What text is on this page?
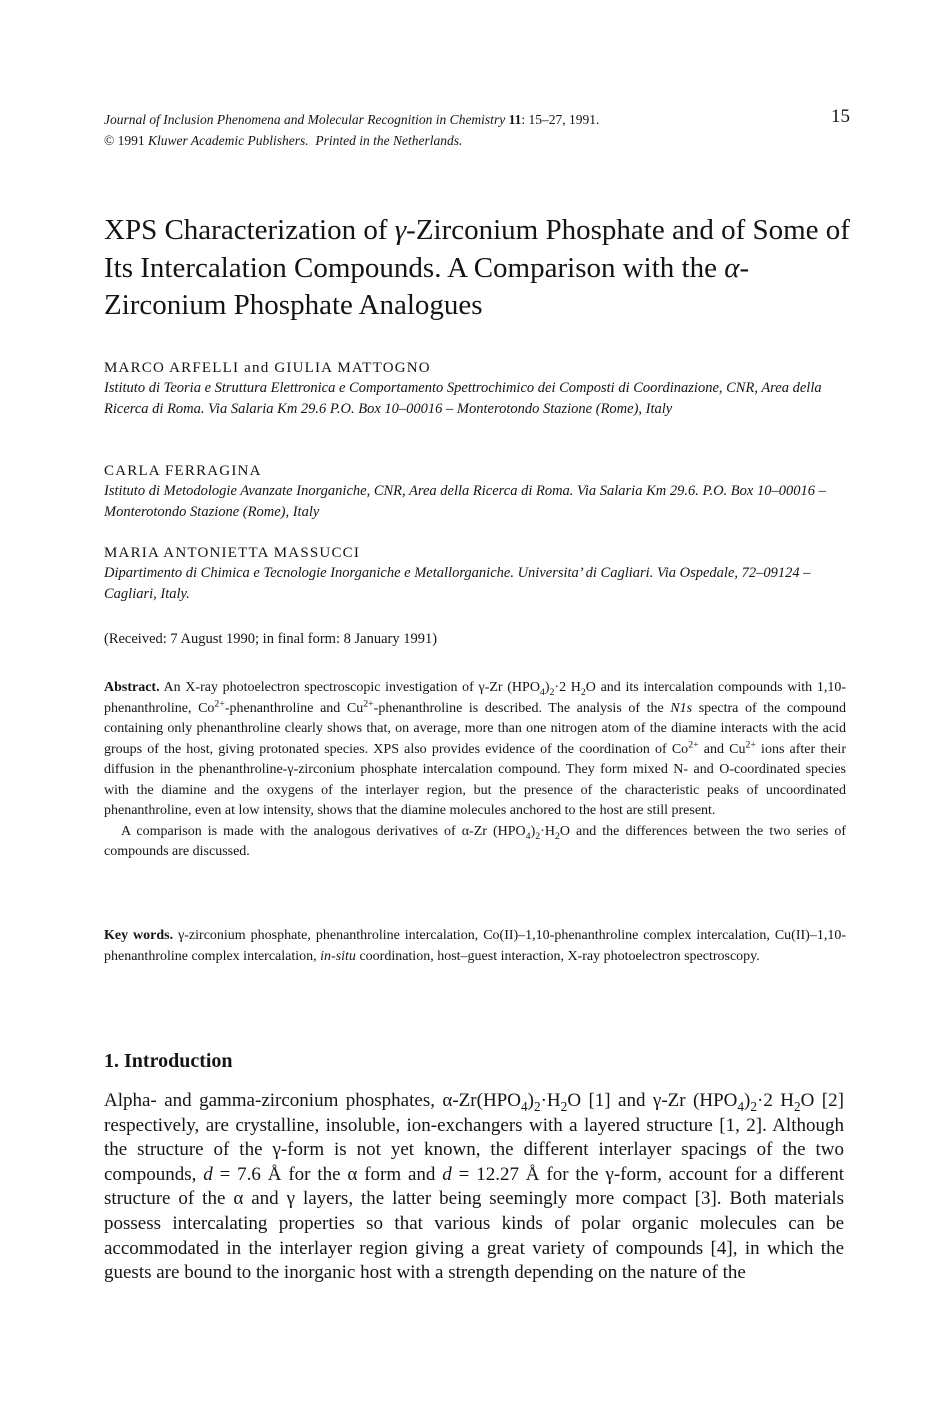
Journal of Inclusion Phenomena and Molecular Recognition in Chemistry 11: 15–27, 1991.
© 1991 Kluwer Academic Publishers. Printed in the Netherlands.
15
XPS Characterization of γ-Zirconium Phosphate and of Some of Its Intercalation Compounds. A Comparison with the α-Zirconium Phosphate Analogues
MARCO ARFELLI and GIULIA MATTOGNO
Istituto di Teoria e Struttura Elettronica e Comportamento Spettrochimico dei Composti di Coordinazione, CNR, Area della Ricerca di Roma. Via Salaria Km 29.6 P.O. Box 10–00016 – Monterotondo Stazione (Rome), Italy
CARLA FERRAGINA
Istituto di Metodologie Avanzate Inorganiche, CNR, Area della Ricerca di Roma. Via Salaria Km 29.6. P.O. Box 10–00016 – Monterotondo Stazione (Rome), Italy
MARIA ANTONIETTA MASSUCCI
Dipartimento di Chimica e Tecnologie Inorganiche e Metallorganiche. Universita’ di Cagliari. Via Ospedale, 72–09124 – Cagliari, Italy.
(Received: 7 August 1990; in final form: 8 January 1991)

Abstract. An X-ray photoelectron spectroscopic investigation of γ-Zr $(HPO_4)_2\cdot 2$ $H_2O$ and its intercalation compounds with 1,10-phenanthroline, $Co^{2+}$-phenanthroline and $Cu^{2+}$-phenanthroline is described. The analysis of the N1s spectra of the compound containing only phenanthroline clearly shows that, on average, more than one nitrogen atom of the diamine interacts with the acid groups of the host, giving protonated species. XPS also provides evidence of the coordination of $Co^{2+}$ and $Cu^{2+}$ ions after their diffusion in the phenanthroline-γ-zirconium phosphate intercalation compound. They form mixed N- and O-coordinated species with the diamine and the oxygens of the interlayer region, but the presence of the characteristic peaks of uncoordinated phenanthroline, even at low intensity, shows that the diamine molecules anchored to the host are still present.

A comparison is made with the analogous derivatives of α-Zr $(HPO_4)_2\cdot H_2O$ and the differences between the two series of compounds are discussed.

Key words. γ-zirconium phosphate, phenanthroline intercalation, Co(II)–1,10-phenanthroline complex intercalation, Cu(II)–1,10-phenanthroline complex intercalation, in-situ coordination, host–guest interaction, X-ray photoelectron spectroscopy.
1. Introduction

Alpha- and gamma-zirconium phosphates, $\alpha-Zr(HPO_4)_2\cdot H_2O$ [1] and γ-Zr $(HPO_4)_2\cdot 2$ $H_2O$ [2] respectively, are crystalline, insoluble, ion-exchangers with a layered structure [1, 2]. Although the structure of the γ-form is not yet known, the different interlayer spacings of the two compounds, d = 7.6 Å for the α form and d = 12.27 Å for the γ-form, account for a different structure of the α and γ layers, the latter being seemingly more compact [3]. Both materials possess intercalating properties so that various kinds of polar organic molecules can be accommodated in the interlayer region giving a great variety of compounds [4], in which the guests are bound to the inorganic host with a strength depending on the nature of the
